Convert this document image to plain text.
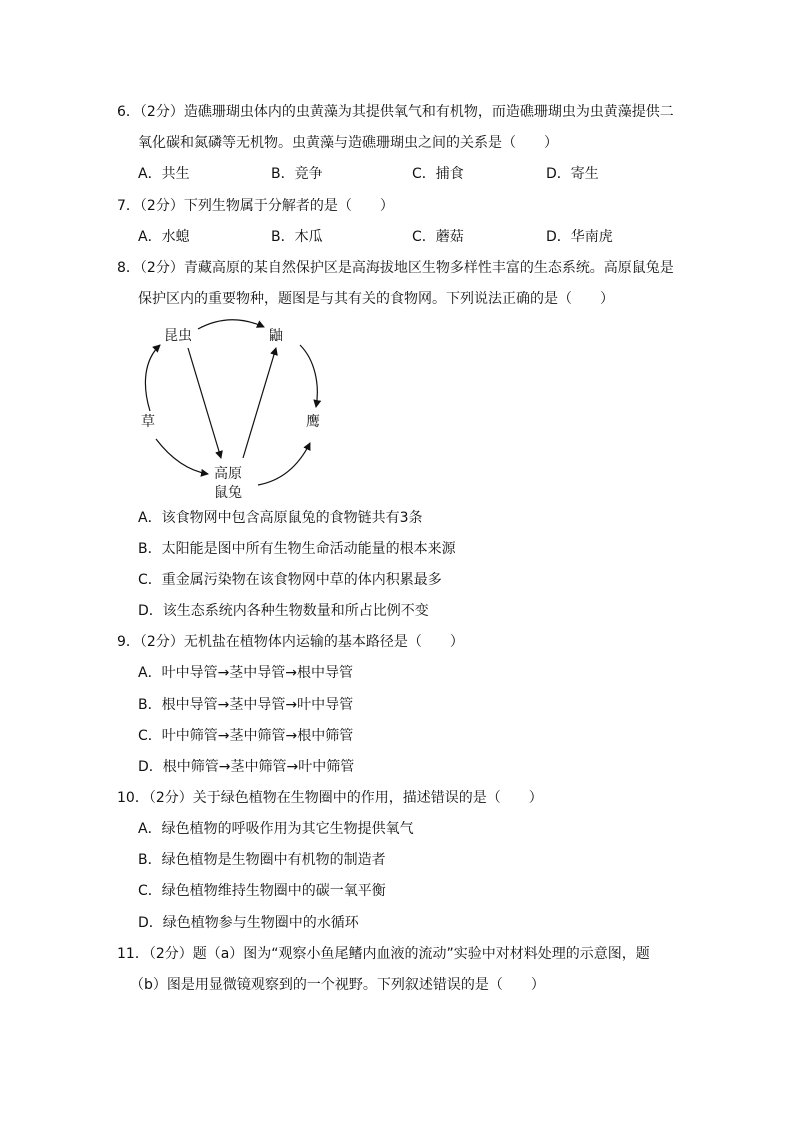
6．（2分）造礁珊瑚虫体内的虫黄藻为其提供氧气和有机物，而造礁珊瑚虫为虫黄藻提供二
氧化碳和氮磷等无机物。虫黄藻与造礁珊瑚虫之间的关系是（　　）
A．共生	B．竞争	C．捕食	D．寄生
7．（2分）下列生物属于分解者的是（　　）
A．水螅	B．木瓜	C．蘑菇	D．华南虎
8．（2分）青藏高原的某自然保护区是高海拔地区生物多样性丰富的生态系统。高原鼠兔是
保护区内的重要物种，题图是与其有关的食物网。下列说法正确的是（　　）
昆虫	鼬
草	鹰
高原
鼠兔
A．该食物网中包含高原鼠兔的食物链共有3条
B．太阳能是图中所有生物生命活动能量的根本来源
C．重金属污染物在该食物网中草的体内积累最多
D．该生态系统内各种生物数量和所占比例不变
9．（2分）无机盐在植物体内运输的基本路径是（　　）
A．叶中导管→茎中导管→根中导管
B．根中导管→茎中导管→叶中导管
C．叶中筛管→茎中筛管→根中筛管
D．根中筛管→茎中筛管→叶中筛管
10．（2分）关于绿色植物在生物圈中的作用，描述错误的是（　　）
A．绿色植物的呼吸作用为其它生物提供氧气
B．绿色植物是生物圈中有机物的制造者
C．绿色植物维持生物圈中的碳一氧平衡
D．绿色植物参与生物圈中的水循环
11．（2分）题（a）图为“观察小鱼尾鳍内血液的流动”实验中对材料处理的示意图，题
（b）图是用显微镜观察到的一个视野。下列叙述错误的是（　　）
